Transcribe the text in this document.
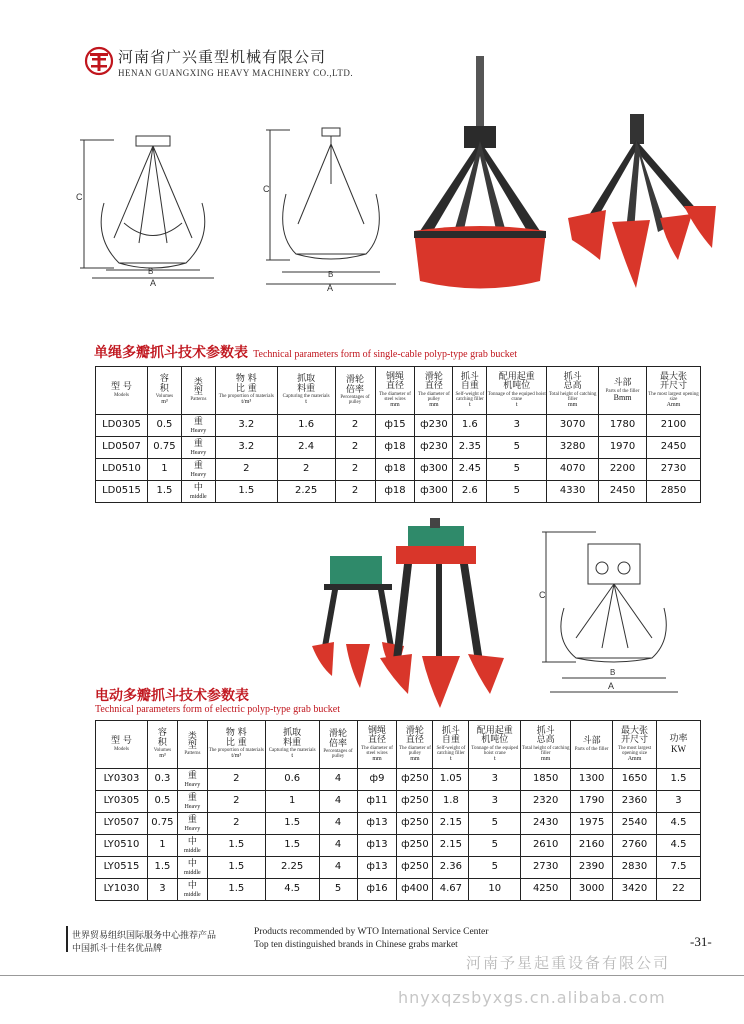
河南省广兴重型机械有限公司
HENAN GUANGXING HEAVY MACHINERY CO.,LTD.
C
B
A
C
B
A
单绳多瓣抓斗技术参数表 Technical parameters form of single-cable polyp-type grab bucket
型 号
Models	容
积
Volumes
m³	类
型
Patterns	物 料
比 重
The proportion of materials
t/m³	抓取
料重
Capturing the materials
t	滑轮
倍率
Percentages of pulley	钢绳
直径
The diameter of steel wires
mm	滑轮
直径
The diameter of pulley
mm	抓斗
自重
Self-weight of catching filler
t	配用起重
机吨位
Tonnage of the equiped hoist crane
t	抓斗
总高
Total height of catching filler
mm	斗部
Parts of the filler
Bmm	最大张
开尺寸
The most largest opening size
Amm

LD0305	0.5	重
Heavy	3.2	1.6	2	ф15	ф230	1.6	3	3070	1780	2100
LD0507	0.75	重
Heavy	3.2	2.4	2	ф18	ф230	2.35	5	3280	1970	2450
LD0510	1	重
Heavy	2	2	2	ф18	ф300	2.45	5	4070	2200	2730
LD0515	1.5	中
middle	1.5	2.25	2	ф18	ф300	2.6	5	4330	2450	2850
C
B
A
电动多瓣抓斗技术参数表
Technical parameters form of electric polyp-type grab bucket
型 号
Models	容
积
Volumes
m³	类
型
Patterns	物 料
比 重
The proportion of materials
t/m³	抓取
料重
Capturing the materials
t	滑轮
倍率
Percentages of pulley	钢绳
直径
The diameter of steel wires
mm	滑轮
直径
The diameter of pulley
mm	抓斗
自重
Self-weight of catching filler
t	配用起重
机吨位
Tonnage of the equiped hoist crane
t	抓斗
总高
Total height of catching filler
mm	斗部
Parts of the filler	最大张
开尺寸
The most largest opening size
Amm	功率
KW

LY0303	0.3	重
Heavy	2	0.6	4	ф9	ф250	1.05	3	1850	1300	1650	1.5
LY0305	0.5	重
Heavy	2	1	4	ф11	ф250	1.8	3	2320	1790	2360	3
LY0507	0.75	重
Heavy	2	1.5	4	ф13	ф250	2.15	5	2430	1975	2540	4.5
LY0510	1	中
middle	1.5	1.5	4	ф13	ф250	2.15	5	2610	2160	2760	4.5
LY0515	1.5	中
middle	1.5	2.25	4	ф13	ф250	2.36	5	2730	2390	2830	7.5
LY1030	3	中
middle	1.5	4.5	5	ф16	ф400	4.67	10	4250	3000	3420	22
世界贸易组织国际服务中心推荐产品
中国抓斗十佳名优品牌
Products recommended by WTO International Service Center
Top ten distinguished brands in Chinese grabs market	-31-
河南予星起重设备有限公司
hnyxqzsbyxgs.cn.alibaba.com
